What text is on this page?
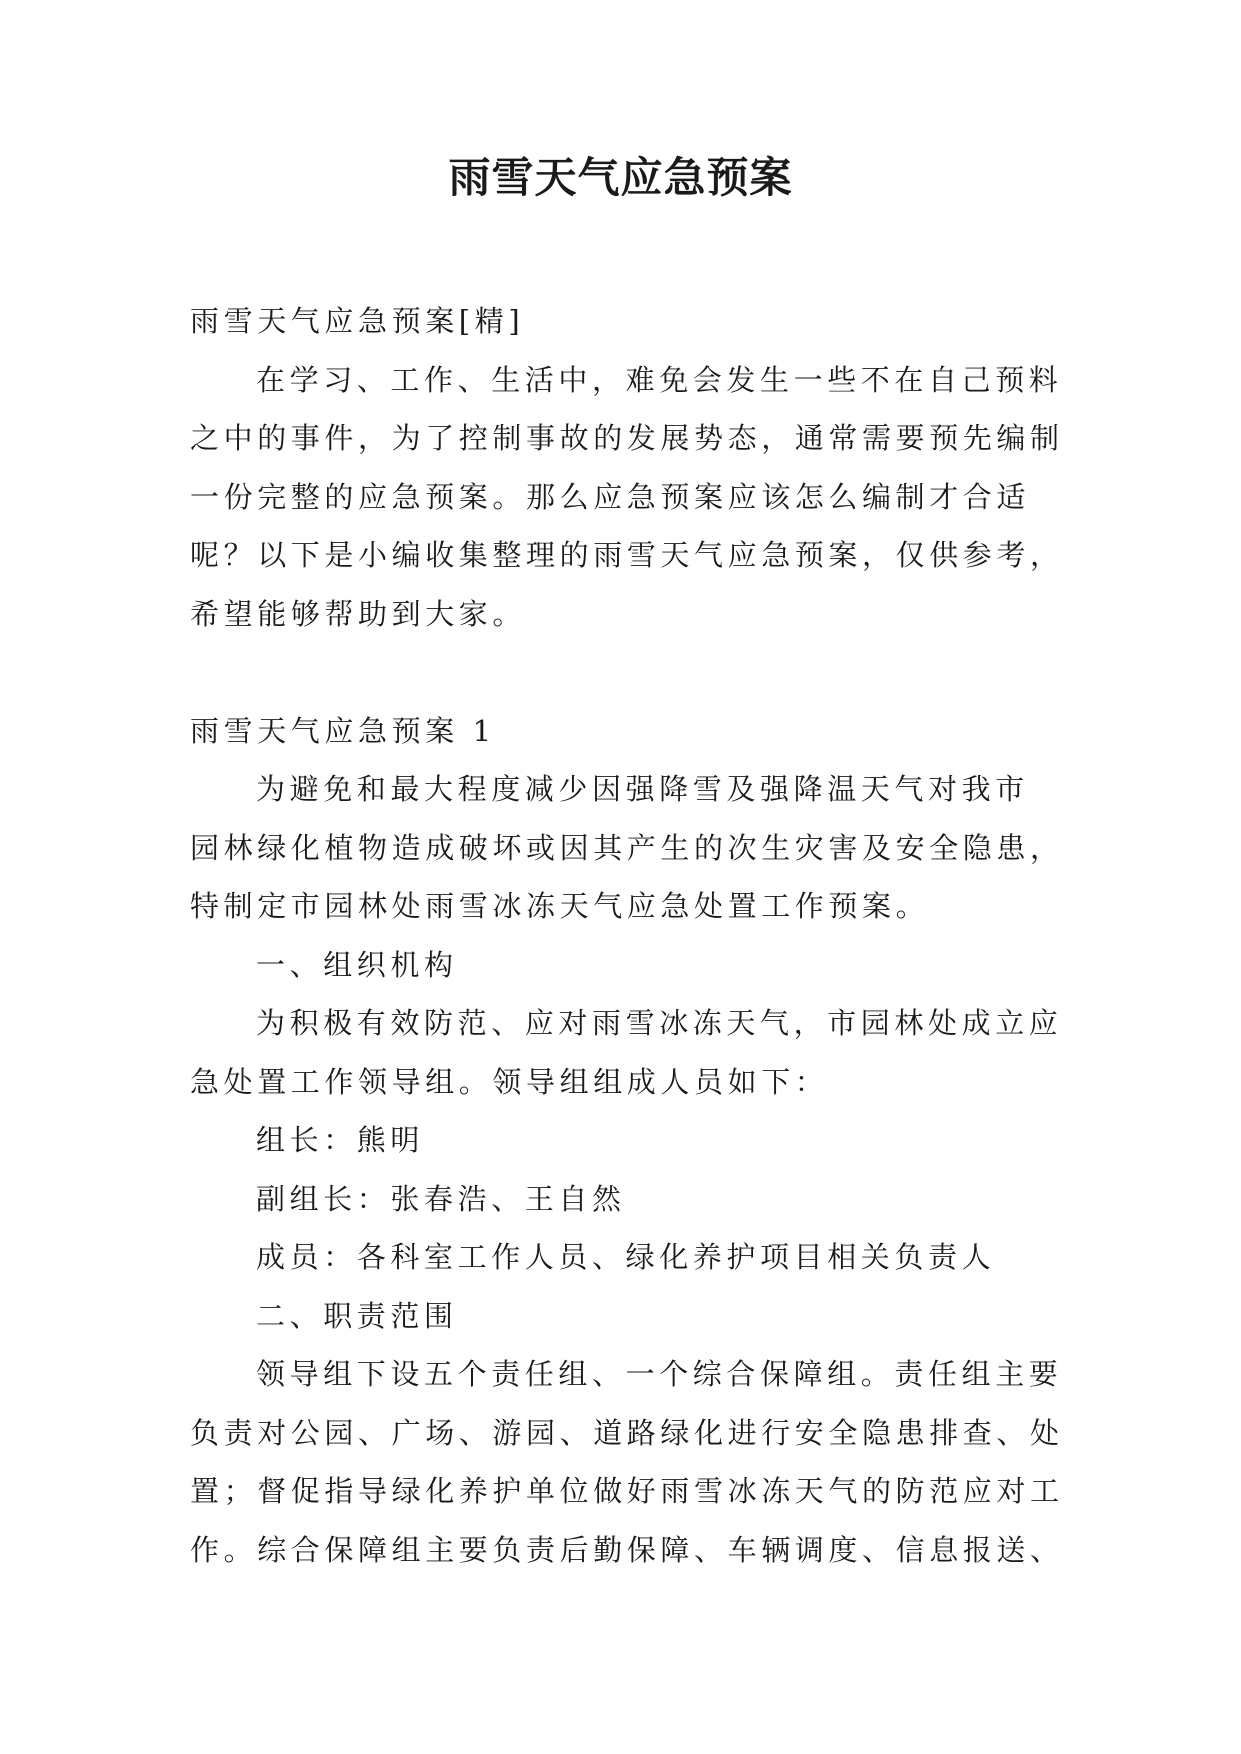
雨雪天气应急预案

雨雪天气应急预案[精]

在学习、工作、生活中，难免会发生一些不在自己预料

之中的事件，为了控制事故的发展势态，通常需要预先编制

一份完整的应急预案。那么应急预案应该怎么编制才合适

呢？以下是小编收集整理的雨雪天气应急预案，仅供参考，

希望能够帮助到大家。

雨雪天气应急预案 1

为避免和最大程度减少因强降雪及强降温天气对我市

园林绿化植物造成破坏或因其产生的次生灾害及安全隐患，

特制定市园林处雨雪冰冻天气应急处置工作预案。

一、组织机构

为积极有效防范、应对雨雪冰冻天气，市园林处成立应

急处置工作领导组。领导组组成人员如下：

组长：熊明

副组长：张春浩、王自然

成员：各科室工作人员、绿化养护项目相关负责人

二、职责范围

领导组下设五个责任组、一个综合保障组。责任组主要

负责对公园、广场、游园、道路绿化进行安全隐患排查、处

置；督促指导绿化养护单位做好雨雪冰冻天气的防范应对工

作。综合保障组主要负责后勤保障、车辆调度、信息报送、
